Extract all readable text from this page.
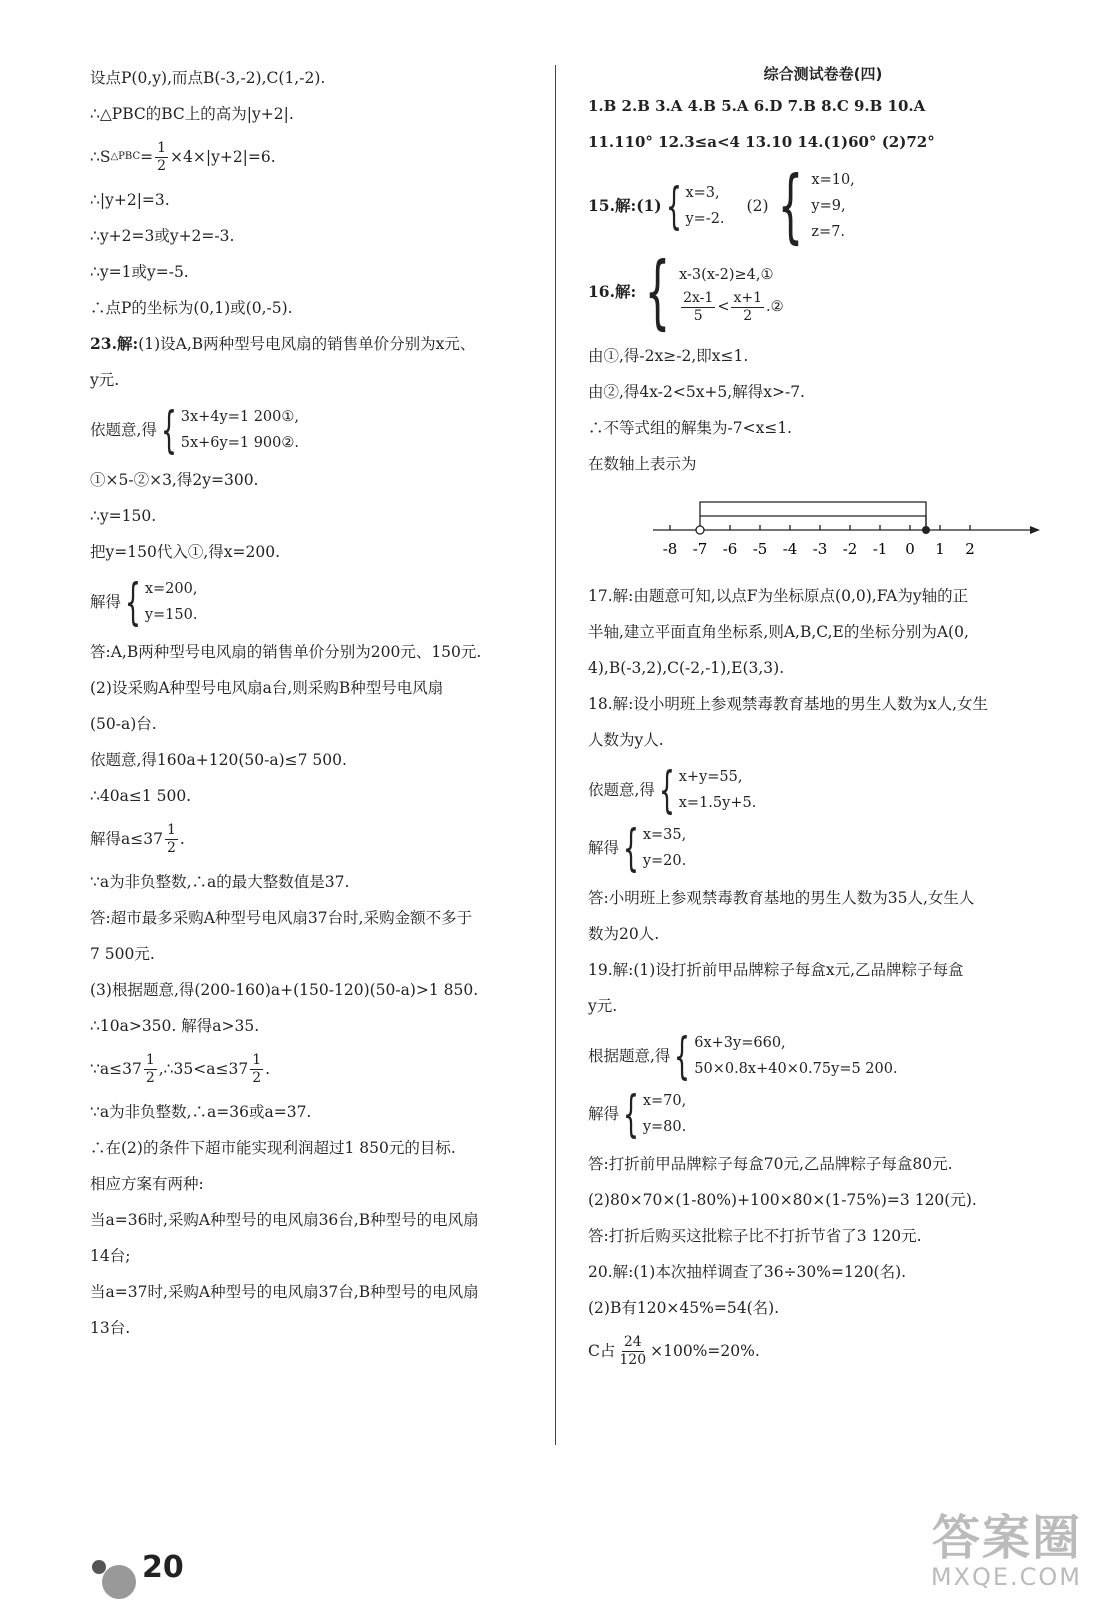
设点P(0,y),而点B(-3,-2),C(1,-2).
∴△PBC的BC上的高为|y+2|.
∴S △PBC = $\frac{1}{2} \times 4\times|y+2|=6$.
∴|y+2|=3.
∴y+2=3或y+2=-3.
∴y=1或y=-5.
∴点P的坐标为(0,1)或(0,-5).
23.解: (1)设A,B两种型号电风扇的销售单价分别为x元、
y元.
依题意,得 { 3x+4y=1 200①,
5x+6y=1 900②.
①×5-②×3,得2y=300.
∴y=150.
把y=150代入①,得x=200.
解得 { x=200,
y=150.
答:A,B两种型号电风扇的销售单价分别为200元、150元.
(2)设采购A种型号电风扇a台,则采购B种型号电风扇
(50-a)台.
依题意,得160a+120(50-a)≤7 500.
∴40a≤1 500.
解得$a\le 37 \frac{1}{2}$ .
∵a为非负整数,∴a的最大整数值是37.
答:超市最多采购A种型号电风扇37台时,采购金额不多于
7 500元.
(3)根据题意,得(200-160)a+(150-120)(50-a)>1 850.
∴10a>350. 解得a>35.
∵a≤37 $\frac{1}{2}$ ,∴35<a≤37 $\frac{1}{2}$ .
∵a为非负整数,∴a=36或a=37.
∴在(2)的条件下超市能实现利润超过1 850元的目标.
相应方案有两种:
当a=36时,采购A种型号的电风扇36台,B种型号的电风扇
14台;
当a=37时,采购A种型号的电风扇37台,B种型号的电风扇
13台.
综合测试卷卷(四)
1.B 2.B 3.A 4.B 5.A 6.D 7.B 8.C 9.B 10.A
11.110° 12.3≤a<4 13.10 14.(1)60° (2)72°
15.解:(1) { x=3,
y=-2.
(2) { x=10,
y=9,
z=7.
16.解: { x-3(x-2)≥4,①
$\frac{2x-1}{5} < \frac{x+1}{2}$ .②
由①,得-2x≥-2,即x≤1.
由②,得4x-2<5x+5,解得x>-7.
∴不等式组的解集为-7<x≤1.
在数轴上表示为
-8 -7 -6 -5 -4 -3 -2 -1 0 1 2
17.解:由题意可知,以点F为坐标原点(0,0),FA为y轴的正
半轴,建立平面直角坐标系,则A,B,C,E的坐标分别为A(0,
4),B(-3,2),C(-2,-1),E(3,3).
18.解:设小明班上参观禁毒教育基地的男生人数为x人,女生
人数为y人.
依题意,得 { x+y=55,
x=1.5y+5.
解得 { x=35,
y=20.
答:小明班上参观禁毒教育基地的男生人数为35人,女生人
数为20人.
19.解:(1)设打折前甲品牌粽子每盒x元,乙品牌粽子每盒
y元.
根据题意,得 { 6x+3y=660,
50×0.8x+40×0.75y=5 200.
解得 { x=70,
y=80.
答:打折前甲品牌粽子每盒70元,乙品牌粽子每盒80元.
(2)80×70×(1-80%)+100×80×(1-75%)=3 120(元).
答:打折后购买这批粽子比不打折节省了3 120元.
20.解:(1)本次抽样调查了36÷30%=120(名).
(2)B有120×45%=54(名).
C占 $\frac{24}{120} \times 100\%=20\%$.
20
答案圈
MXQE.COM
